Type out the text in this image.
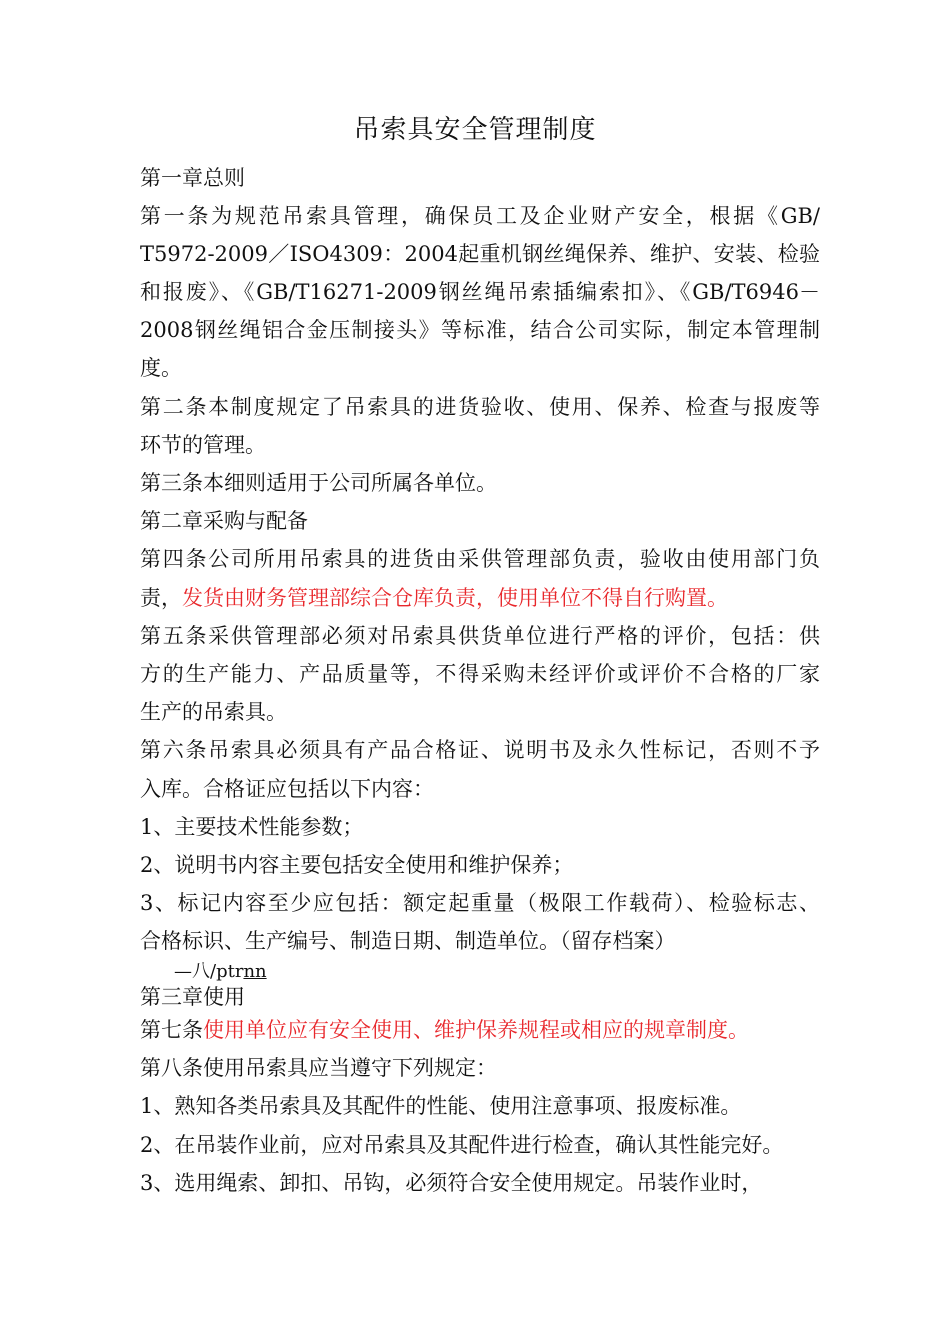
吊索具安全管理制度
第一章总则
第一条为规范吊索具管理，确保员工及企业财产安全，根据《GB/
T5972-2009／ISO4309：2004起重机钢丝绳保养、维护、安装、检验
和报废》、《GB/T16271-2009钢丝绳吊索插编索扣》、《GB/T6946－
2008钢丝绳铝合金压制接头》等标准，结合公司实际，制定本管理制
度。
第二条本制度规定了吊索具的进货验收、使用、保养、检查与报废等
环节的管理。
第三条本细则适用于公司所属各单位。
第二章采购与配备
第四条公司所用吊索具的进货由采供管理部负责，验收由使用部门负
责，发货由财务管理部综合仓库负责，使用单位不得自行购置。
第五条采供管理部必须对吊索具供货单位进行严格的评价，包括：供
方的生产能力、产品质量等，不得采购未经评价或评价不合格的厂家
生产的吊索具。
第六条吊索具必须具有产品合格证、说明书及永久性标记，否则不予
入库。合格证应包括以下内容：
1、主要技术性能参数；
2、说明书内容主要包括安全使用和维护保养；
3、标记内容至少应包括：额定起重量（极限工作载荷）、检验标志、
合格标识、生产编号、制造日期、制造单位。（留存档案）
—八/ptrnn
第三章使用
第七条使用单位应有安全使用、维护保养规程或相应的规章制度。
第八条使用吊索具应当遵守下列规定：
1、熟知各类吊索具及其配件的性能、使用注意事项、报废标准。
2、在吊装作业前，应对吊索具及其配件进行检查，确认其性能完好。
3、选用绳索、卸扣、吊钩，必须符合安全使用规定。吊装作业时，
